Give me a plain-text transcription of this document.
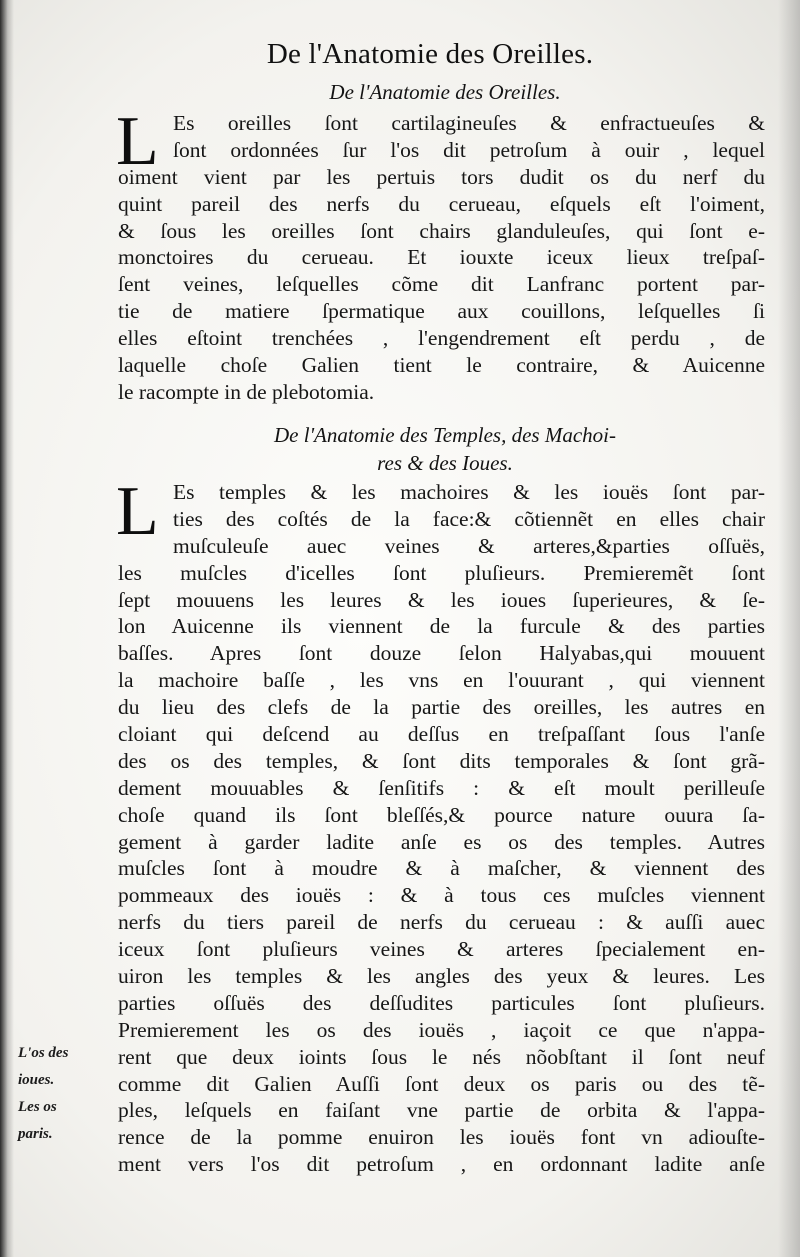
De l'Anatomie des Oreilles.
De l'Anatomie des Oreilles.
L Es oreilles ſont cartilagineuſes & enfractueuſes &
ſont ordonnées ſur l'os dit petroſum à ouir , lequel
oiment vient par les pertuis tors dudit os du nerf du
quint pareil des nerfs du cerueau, eſquels eſt l'oiment,
& ſous les oreilles ſont chairs glanduleuſes, qui ſont e-
monctoires du cerueau. Et iouxte iceux lieux treſpaſ-
ſent veines, leſquelles cõme dit Lanfranc portent par-
tie de matiere ſpermatique aux couillons, leſquelles ſi
elles eſtoint trenchées , l'engendrement eſt perdu , de
laquelle choſe Galien tient le contraire, & Auicenne
le racompte in de plebotomia.
De l'Anatomie des Temples, des Machoi-
res & des Ioues.
L Es temples & les machoires & les iouës ſont par-
ties des coſtés de la face:& cõtiennẽt en elles chair
muſculeuſe auec veines & arteres,&parties oſſuës,
les muſcles d'icelles ſont pluſieurs. Premieremẽt ſont
ſept mouuens les leures & les ioues ſuperieures, & ſe-
lon Auicenne ils viennent de la furcule & des parties
baſſes. Apres ſont douze ſelon Halyabas,qui mouuent
la machoire baſſe , les vns en l'ouurant , qui viennent
du lieu des clefs de la partie des oreilles, les autres en
cloiant qui deſcend au deſſus en treſpaſſant ſous l'anſe
des os des temples, & ſont dits temporales & ſont grã-
dement mouuables & ſenſitifs : & eſt moult perilleuſe
choſe quand ils ſont bleſſés,& pource nature ouura ſa-
gement à garder ladite anſe es os des temples. Autres
muſcles ſont à moudre & à maſcher, & viennent des
pommeaux des iouës : & à tous ces muſcles viennent
nerfs du tiers pareil de nerfs du cerueau : & auſſi auec
iceux ſont pluſieurs veines & arteres ſpecialement en-
uiron les temples & les angles des yeux & leures. Les
parties oſſuës des deſſudites particules ſont pluſieurs.
Premierement les os des iouës , iaçoit ce que n'appa-
rent que deux ioints ſous le nés nõobſtant il ſont neuf
comme dit Galien Auſſi ſont deux os paris ou des tẽ-
ples, leſquels en faiſant vne partie de orbita & l'appa-
rence de la pomme enuiron les iouës font vn adiouſte-
ment vers l'os dit petroſum , en ordonnant ladite anſe
L'os des
ioues.
Les os
paris.
